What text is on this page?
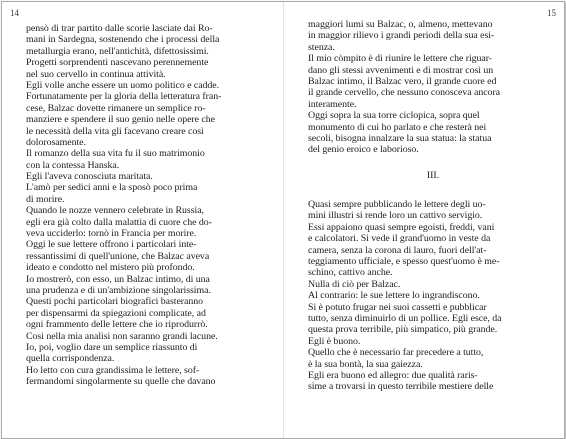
14
pensò di trar partito dalle scorie lasciate dai Ro-
mani in Sardegna, sostenendo che i processi della
metallurgia erano, nell'antichità, difettosissimi.
Progetti sorprendenti nascevano perennemente
nel suo cervello in continua attività.
Egli volle anche essere un uomo politico e cadde.
Fortunatamente per la gloria della letteratura fran-
cese, Balzac dovette rimanere un semplice ro-
manziere e spendere il suo genio nelle opere che
le necessità della vita gli facevano creare così
dolorosamente.
Il romanzo della sua vita fu il suo matrimonio
con la contessa Hanska.
Egli l'aveva conosciuta maritata.
L'amò per sedici anni e la sposò poco prima
di morire.
Quando le nozze vennero celebrate in Russia,
egli era già colto dalla malattia di cuore che do-
veva ucciderlo: tornò in Francia per morire.
Oggi le sue lettere offrono i particolari inte-
ressantissimi di quell'unione, che Balzac aveva
ideato e condotto nel mistero più profondo.
Io mostrerò, con esso, un Balzac intimo, di una
una prudenza e di un'ambizione singolarissima.
Questi pochi particolari biografici basteranno
per dispensarmi da spiegazioni complicate, ad
ogni frammento delle lettere che io riprodurrò.
Così nella mia analisi non saranno grandi lacune.
Io, poi, voglio dare un semplice riassunto di
quella corrispondenza.
Ho letto con cura grandissima le lettere, sof-
fermandomi singolarmente su quelle che davano
15
maggiori lumi su Balzac, o, almeno, mettevano
in maggior rilievo i grandi periodi della sua esi-
stenza.
Il mio còmpito è di riunire le lettere che riguar-
dano gli stessi avvenimenti e di mostrar così un
Balzac intimo, il Balzac vero, il grande cuore ed
il grande cervello, che nessuno conosceva ancora
interamente.
Oggi sopra la sua torre ciclopica, sopra quel
monumento di cui ho parlato e che resterà nei
secoli, bisogna innalzare la sua statua: la statua
del genio eroico e laborioso.
III.
Quasi sempre pubblicando le lettere degli uo-
mini illustri si rende loro un cattivo servigio.
Essi appaiono quasi sempre egoisti, freddi, vani
e calcolatori. Si vede il grand'uomo in veste da
camera, senza la corona di lauro, fuori dell'at-
teggiamento ufficiale, e spesso quest'uomo è me-
schino, cattivo anche.
Nulla di ciò per Balzac.
Al contrario: le sue lettere lo ingrandiscono.
Si è potuto frugar nei suoi cassetti e pubblicar
tutto, senza diminuirlo di un pollice. Egli esce, da
questa prova terribile, più simpatico, più grande.
Egli è buono.
Quello che è necessario far precedere a tutto,
è la sua bontà, la sua gaiezza.
Egli era buono ed allegro: due qualità raris-
sime a trovarsi in questo terribile mestiere delle
